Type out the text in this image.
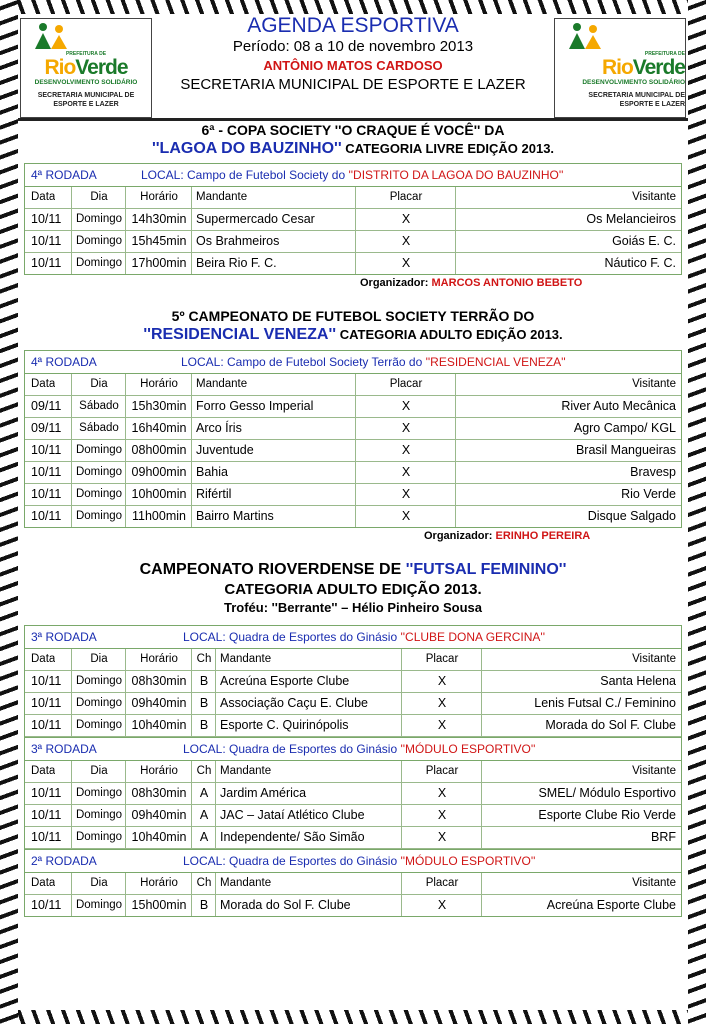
PREFEITURA DE
RioVerde
DESENVOLVIMENTO SOLIDÁRIO
SECRETARIA MUNICIPAL DE ESPORTE E LAZER
AGENDA ESPORTIVA
Período: 08 a 10 de novembro 2013
ANTÔNIO MATOS CARDOSO
SECRETARIA MUNICIPAL DE ESPORTE E LAZER
PREFEITURA DE
RioVerde
DESENVOLVIMENTO SOLIDÁRIO
SECRETARIA MUNICIPAL DE ESPORTE E LAZER
6ª - COPA SOCIETY ''O CRAQUE É VOCÊ'' DA
''LAGOA DO BAUZINHO'' CATEGORIA LIVRE EDIÇÃO 2013.
4ª RODADA	LOCAL: Campo de Futebol Society do ''DISTRITO DA LAGOA DO BAUZINHO''
Data	Dia	Horário	Mandante	Placar	Visitante
10/11	Domingo 14h30min Supermercado Cesar	X	Os Melancieiros
10/11	Domingo 15h45min Os Brahmeiros	X	Goiás E. C.
10/11	Domingo 17h00min Beira Rio F. C.	X	Náutico F. C.
Organizador: MARCOS ANTONIO BEBETO
5º CAMPEONATO DE FUTEBOL SOCIETY TERRÃO DO
''RESIDENCIAL VENEZA'' CATEGORIA ADULTO EDIÇÃO 2013.
4ª RODADA	LOCAL: Campo de Futebol Society Terrão do ''RESIDENCIAL VENEZA''
Data	Dia	Horário	Mandante	Placar	Visitante
09/11	Sábado	15h30min Forro Gesso Imperial	X	River Auto Mecânica
09/11	Sábado	16h40min Arco Íris	X	Agro Campo/ KGL
10/11	Domingo 08h00min Juventude	X	Brasil Mangueiras
10/11	Domingo 09h00min Bahia	X	Bravesp
10/11	Domingo 10h00min Rifértil	X	Rio Verde
10/11	Domingo 11h00min Bairro Martins	X	Disque Salgado
Organizador: ERINHO PEREIRA
CAMPEONATO RIOVERDENSE DE ''FUTSAL FEMININO''
CATEGORIA ADULTO EDIÇÃO 2013.
Troféu: ''Berrante'' – Hélio Pinheiro Sousa
3ª RODADA	LOCAL: Quadra de Esportes do Ginásio ''CLUBE DONA GERCINA''
Data	Dia	Horário	Ch Mandante	Placar	Visitante
10/11	Domingo 08h30min	B Acreúna Esporte Clube	X	Santa Helena
10/11	Domingo 09h40min	B Associação Caçu E. Clube	X	Lenis Futsal C./ Feminino
10/11	Domingo 10h40min	B Esporte C. Quirinópolis	X	Morada do Sol F. Clube
3ª RODADA	LOCAL: Quadra de Esportes do Ginásio ''MÓDULO ESPORTIVO''
Data	Dia	Horário	Ch Mandante	Placar	Visitante
10/11	Domingo 08h30min	A Jardim América	X	SMEL/ Módulo Esportivo
10/11	Domingo 09h40min	A JAC – Jataí Atlético Clube	X	Esporte Clube Rio Verde
10/11	Domingo 10h40min	A Independente/ São Simão	X	BRF
2ª RODADA	LOCAL: Quadra de Esportes do Ginásio ''MÓDULO ESPORTIVO''
Data	Dia	Horário	Ch Mandante	Placar	Visitante
10/11	Domingo 15h00min	B Morada do Sol F. Clube	X	Acreúna Esporte Clube
